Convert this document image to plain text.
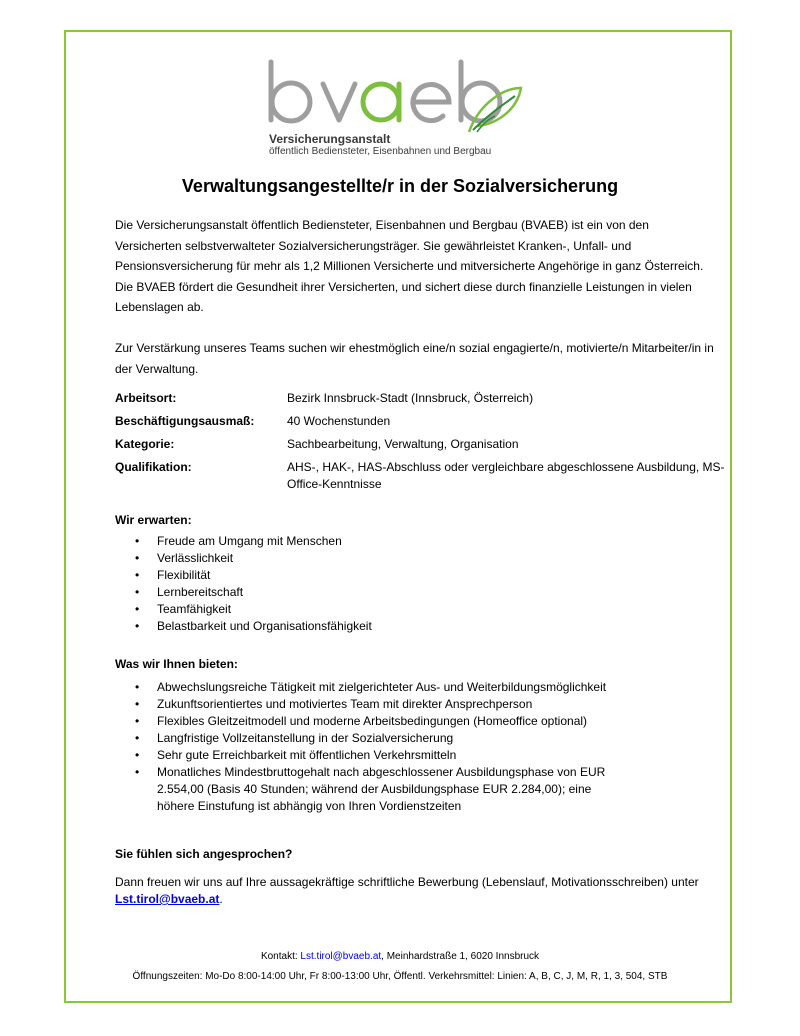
Versicherungsanstalt
öffentlich Bediensteter, Eisenbahnen und Bergbau
Verwaltungsangestellte/r in der Sozialversicherung
Die Versicherungsanstalt öffentlich Bediensteter, Eisenbahnen und Bergbau (BVAEB) ist ein von den Versicherten selbstverwalteter Sozialversicherungsträger. Sie gewährleistet Kranken-, Unfall- und Pensionsversicherung für mehr als 1,2 Millionen Versicherte und mitversicherte Angehörige in ganz Österreich. Die BVAEB fördert die Gesundheit ihrer Versicherten, und sichert diese durch finanzielle Leistungen in vielen Lebenslagen ab.
Zur Verstärkung unseres Teams suchen wir ehestmöglich eine/n sozial engagierte/n, motivierte/n Mitarbeiter/in in der Verwaltung.
Arbeitsort:	Bezirk Innsbruck-Stadt (Innsbruck, Österreich)
Beschäftigungsausmaß:	40 Wochenstunden
Kategorie:	Sachbearbeitung, Verwaltung, Organisation
Qualifikation:	AHS-, HAK-, HAS-Abschluss oder vergleichbare abgeschlossene Ausbildung, MS-Office-Kenntnisse
Wir erwarten:
• Freude am Umgang mit Menschen
• Verlässlichkeit
• Flexibilität
• Lernbereitschaft
• Teamfähigkeit
• Belastbarkeit und Organisationsfähigkeit
Was wir Ihnen bieten:
• Abwechslungsreiche Tätigkeit mit zielgerichteter Aus- und Weiterbildungsmöglichkeit
• Zukunftsorientiertes und motiviertes Team mit direkter Ansprechperson
• Flexibles Gleitzeitmodell und moderne Arbeitsbedingungen (Homeoffice optional)
• Langfristige Vollzeitanstellung in der Sozialversicherung
• Sehr gute Erreichbarkeit mit öffentlichen Verkehrsmitteln
• Monatliches Mindestbruttogehalt nach abgeschlossener Ausbildungsphase von EUR 2.554,00 (Basis 40 Stunden; während der Ausbildungsphase EUR 2.284,00); eine höhere Einstufung ist abhängig von Ihren Vordienstzeiten
Sie fühlen sich angesprochen?
Dann freuen wir uns auf Ihre aussagekräftige schriftliche Bewerbung (Lebenslauf, Motivationsschreiben) unter
Lst.tirol@bvaeb.at.
Kontakt: Lst.tirol@bvaeb.at, Meinhardstraße 1, 6020 Innsbruck
Öffnungszeiten: Mo-Do 8:00-14:00 Uhr, Fr 8:00-13:00 Uhr, Öffentl. Verkehrsmittel: Linien: A, B, C, J, M, R, 1, 3, 504, STB
